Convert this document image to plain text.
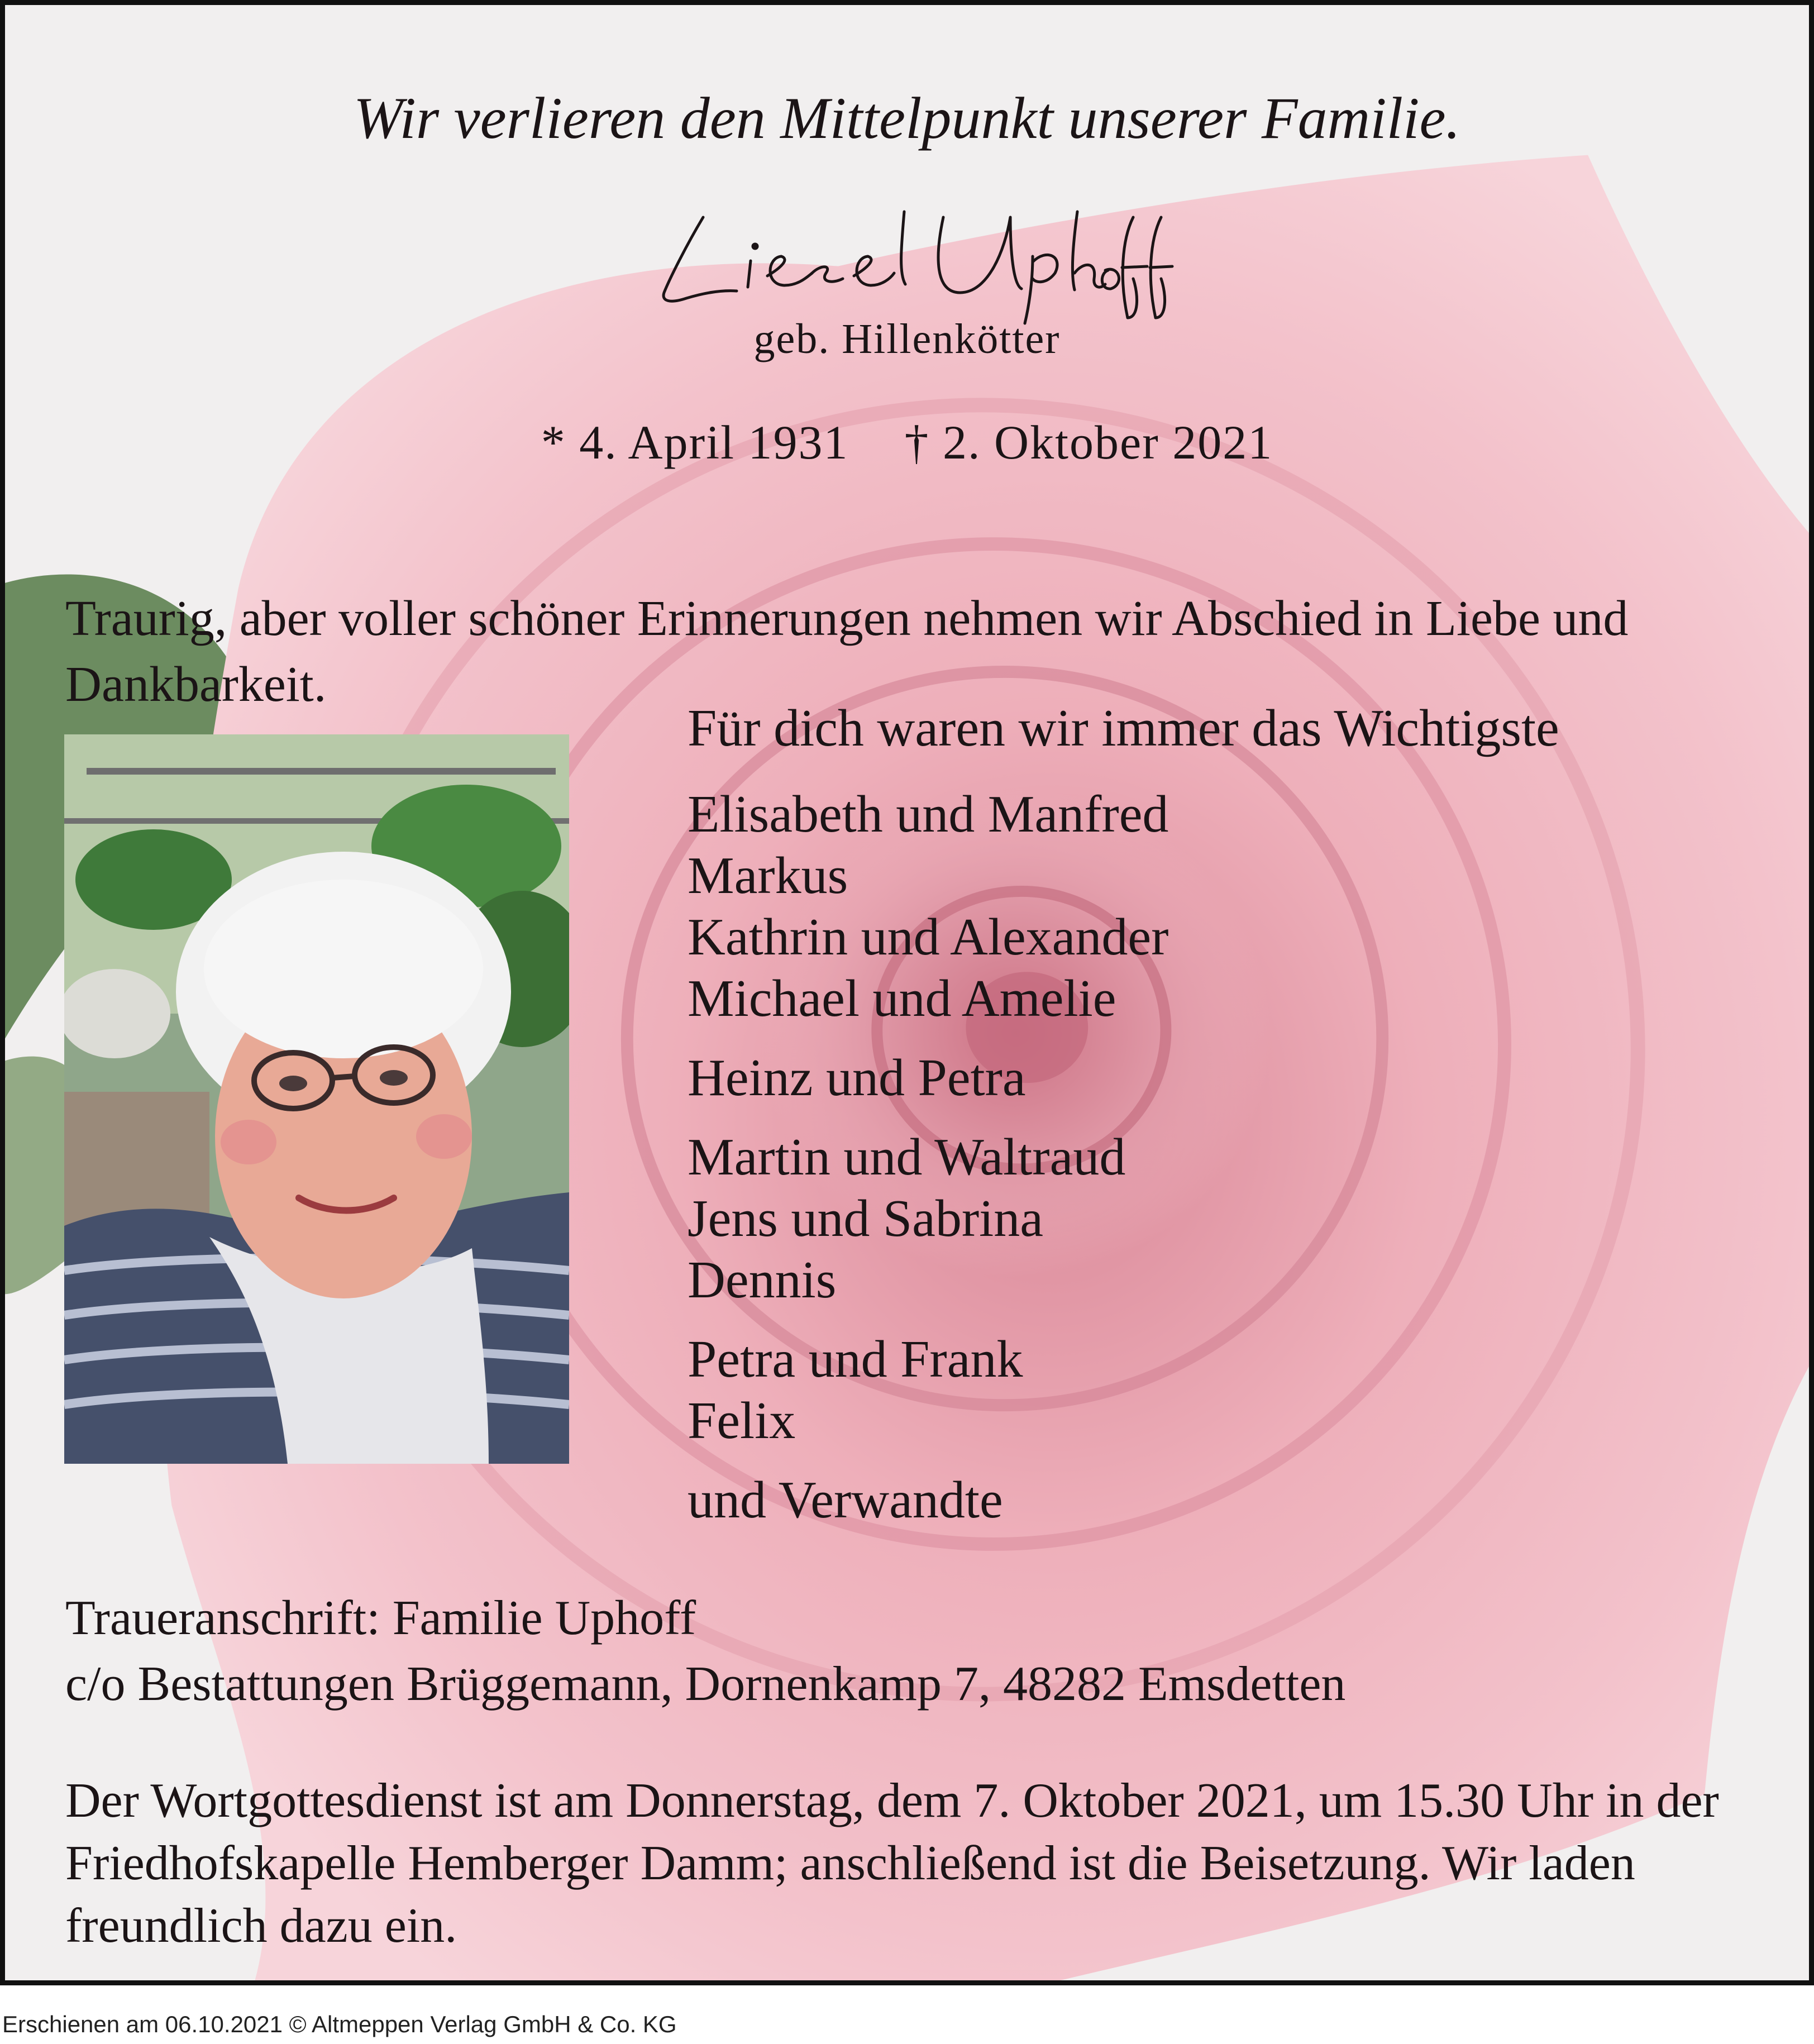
Wir verlieren den Mittelpunkt unserer Familie.
geb. Hillenkötter
* 4. April 1931 † 2. Oktober 2021
Traurig, aber voller schöner Erinnerungen nehmen wir Abschied in Liebe und Dankbarkeit.
Für dich waren wir immer das Wichtigste
Elisabeth und Manfred
Markus
Kathrin und Alexander
Michael und Amelie
Heinz und Petra
Martin und Waltraud
Jens und Sabrina
Dennis
Petra und Frank
Felix
und Verwandte
Traueranschrift: Familie Uphoff
c/o Bestattungen Brüggemann, Dornenkamp 7, 48282 Emsdetten
Der Wortgottesdienst ist am Donnerstag, dem 7. Oktober 2021, um 15.30 Uhr in der Friedhofskapelle Hemberger Damm; anschließend ist die Beisetzung. Wir laden freundlich dazu ein.
Erschienen am 06.10.2021 © Altmeppen Verlag GmbH & Co. KG
